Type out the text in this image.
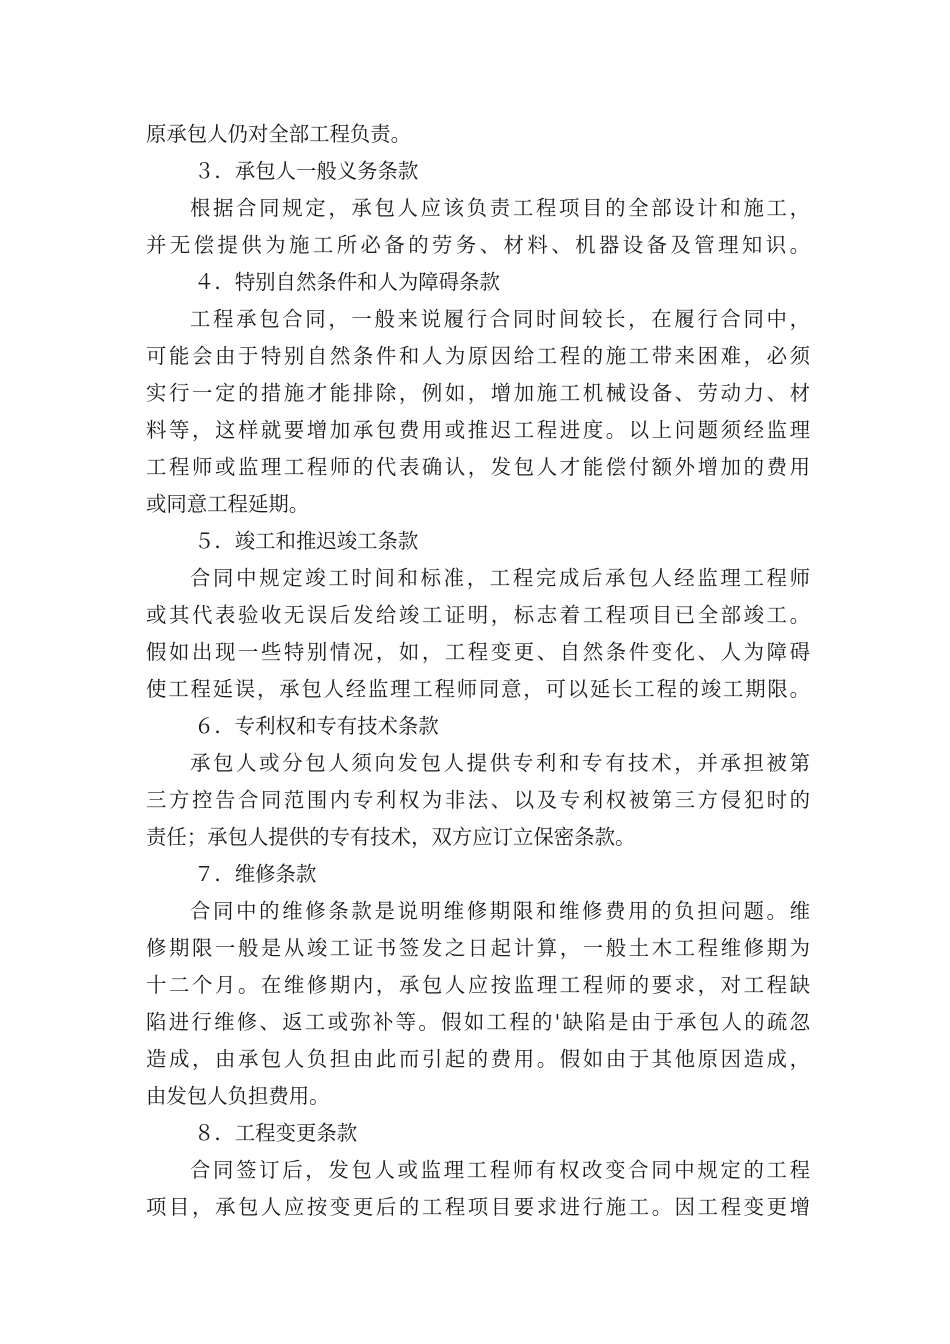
原承包人仍对全部工程负责。
３．承包人一般义务条款
根据合同规定，承包人应该负责工程项目的全部设计和施工，
并无偿提供为施工所必备的劳务、材料、机器设备及管理知识。
４．特别自然条件和人为障碍条款
工程承包合同，一般来说履行合同时间较长，在履行合同中，
可能会由于特别自然条件和人为原因给工程的施工带来困难，必须
实行一定的措施才能排除，例如，增加施工机械设备、劳动力、材
料等，这样就要增加承包费用或推迟工程进度。以上问题须经监理
工程师或监理工程师的代表确认，发包人才能偿付额外增加的费用
或同意工程延期。
５．竣工和推迟竣工条款
合同中规定竣工时间和标准，工程完成后承包人经监理工程师
或其代表验收无误后发给竣工证明，标志着工程项目已全部竣工。
假如出现一些特别情况，如，工程变更、自然条件变化、人为障碍
使工程延误，承包人经监理工程师同意，可以延长工程的竣工期限。
６．专利权和专有技术条款
承包人或分包人须向发包人提供专利和专有技术，并承担被第
三方控告合同范围内专利权为非法、以及专利权被第三方侵犯时的
责任；承包人提供的专有技术，双方应订立保密条款。
７．维修条款
合同中的维修条款是说明维修期限和维修费用的负担问题。维
修期限一般是从竣工证书签发之日起计算，一般土木工程维修期为
十二个月。在维修期内，承包人应按监理工程师的要求，对工程缺
陷进行维修、返工或弥补等。假如工程的'缺陷是由于承包人的疏忽
造成，由承包人负担由此而引起的费用。假如由于其他原因造成，
由发包人负担费用。
８．工程变更条款
合同签订后，发包人或监理工程师有权改变合同中规定的工程
项目，承包人应按变更后的工程项目要求进行施工。因工程变更增
